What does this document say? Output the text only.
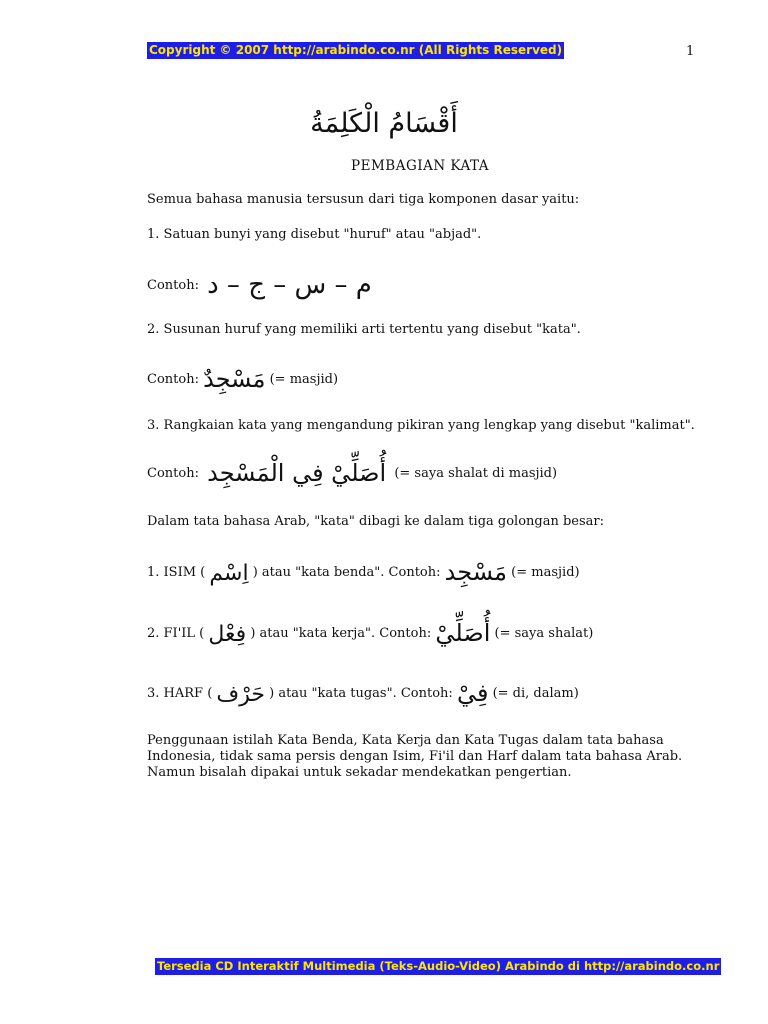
Copyright © 2007 http://arabindo.co.nr (All Rights Reserved)	1
أَقْسَامُ الْكَلِمَةُ
PEMBAGIAN KATA
Semua bahasa manusia tersusun dari tiga komponen dasar yaitu:
1. Satuan bunyi yang disebut "huruf" atau "abjad".
Contoh: م – س – ج – د
2. Susunan huruf yang memiliki arti tertentu yang disebut "kata".
Contoh: مَسْجِدٌ (= masjid)
3. Rangkaian kata yang mengandung pikiran yang lengkap yang disebut "kalimat".
Contoh: أُصَلِّيْ فِي الْمَسْجِد (= saya shalat di masjid)
Dalam tata bahasa Arab, "kata" dibagi ke dalam tiga golongan besar:
1. ISIM ( اِسْم ) atau "kata benda". Contoh: مَسْجِد (= masjid)
2. FI'IL ( فِعْل ) atau "kata kerja". Contoh: أُصَلِّيْ (= saya shalat)
3. HARF ( حَرْف ) atau "kata tugas". Contoh: فِيْ (= di, dalam)
Penggunaan istilah Kata Benda, Kata Kerja dan Kata Tugas dalam tata bahasa Indonesia, tidak sama persis dengan Isim, Fi'il dan Harf dalam tata bahasa Arab. Namun bisalah dipakai untuk sekadar mendekatkan pengertian.
Tersedia CD Interaktif Multimedia (Teks-Audio-Video) Arabindo di http://arabindo.co.nr
